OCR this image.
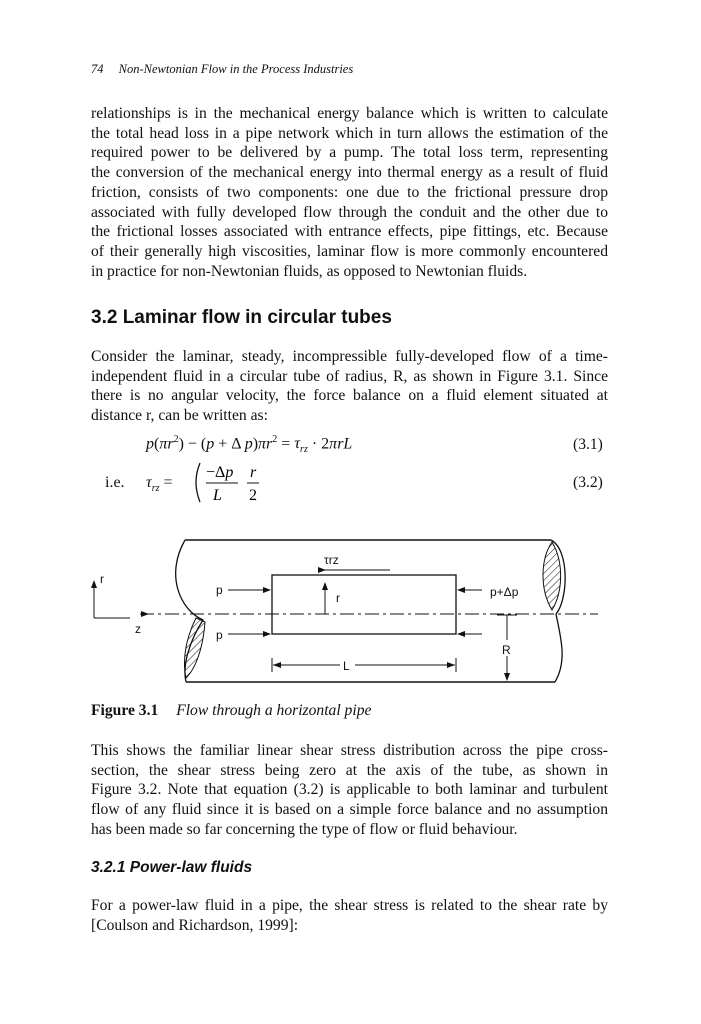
74 Non-Newtonian Flow in the Process Industries
relationships is in the mechanical energy balance which is written to calculate
the total head loss in a pipe network which in turn allows the estimation of the
required power to be delivered by a pump. The total loss term, representing
the conversion of the mechanical energy into thermal energy as a result of fluid
friction, consists of two components: one due to the frictional pressure drop
associated with fully developed flow through the conduit and the other due to
the frictional losses associated with entrance effects, pipe fittings, etc. Because
of their generally high viscosities, laminar flow is more commonly encountered
in practice for non-Newtonian fluids, as opposed to Newtonian fluids.
3.2 Laminar flow in circular tubes
Consider the laminar, steady, incompressible fully-developed flow of a time-
independent fluid in a circular tube of radius, R, as shown in Figure 3.1. Since
there is no angular velocity, the force balance on a fluid element situated at
distance r, can be written as:
$p(\pi r^2) - (p + \Delta$ $p)\pi r^2 = \tau_{rz} \cdot 2\pi rL$	(3.1)
i.e. $\tau_{rz}$ =
−Δp
L
r
2
(3.2)
τrz
r
p
p
p+Δp
L
R
r
z
Figure 3.1 Flow through a horizontal pipe
This shows the familiar linear shear stress distribution across the pipe cross-
section, the shear stress being zero at the axis of the tube, as shown in
Figure 3.2. Note that equation (3.2) is applicable to both laminar and turbulent
flow of any fluid since it is based on a simple force balance and no assumption
has been made so far concerning the type of flow or fluid behaviour.
3.2.1 Power-law fluids
For a power-law fluid in a pipe, the shear stress is related to the shear rate by
[Coulson and Richardson, 1999]:
